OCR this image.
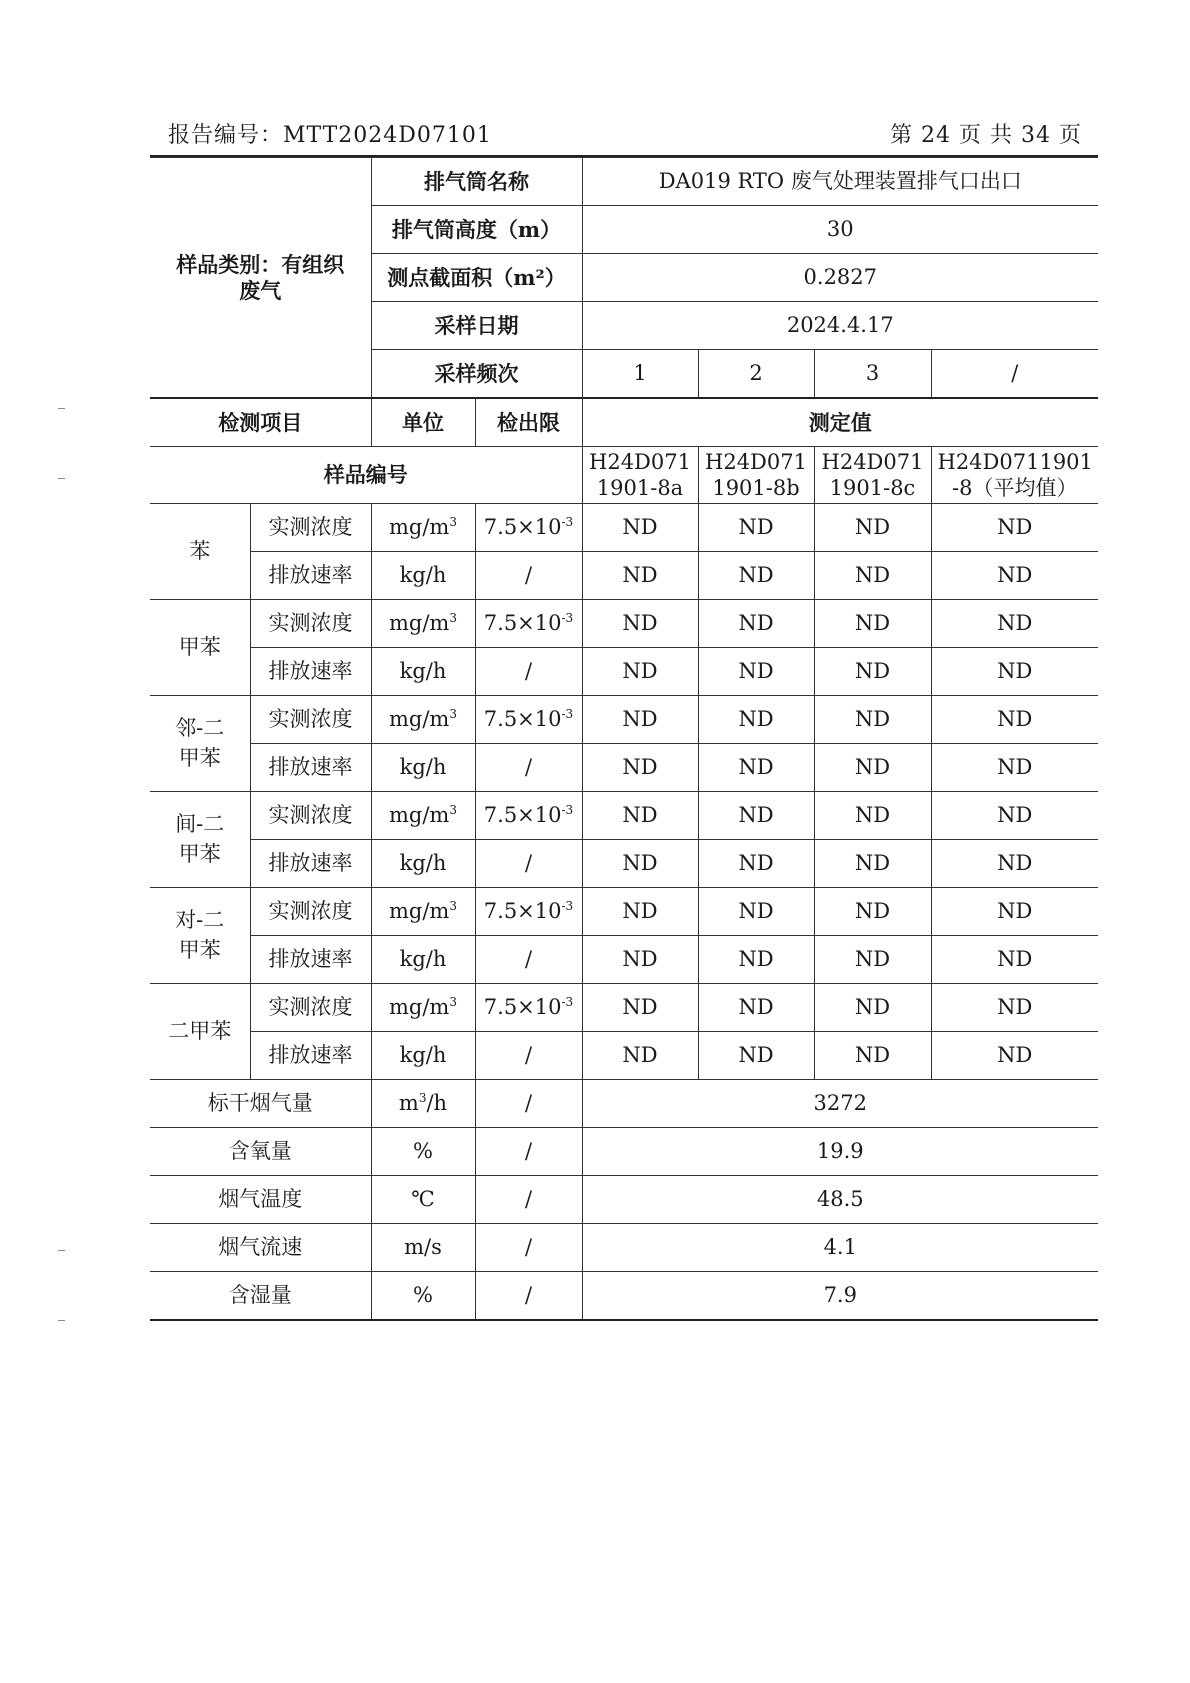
报告编号：MTT2024D07101	第 24 页 共 34 页
样品类别：有组织废气		排气筒名称		DA019 RTO 废气处理装置排气口出口			
		排气筒高度（m）		30			
		测点截面积（m²）		0.2827			
		采样日期		2024.4.17			
		采样频次		1	2	3	/
检测项目		单位	检出限	测定值			
样品编号				H24D071 1901-8a	H24D071 1901-8b	H24D071 1901-8c	H24D0711901 -8（平均值）
苯	实测浓度	$mg/m^3$	$7.5\times 10^{-3}$	ND	ND	ND	ND
	排放速率	kg/h	/	ND	ND	ND	ND
甲苯	实测浓度	$mg/m^3$	$7.5\times 10^{-3}$	ND	ND	ND	ND
	排放速率	kg/h	/	ND	ND	ND	ND
邻-二甲苯	实测浓度	$mg/m^3$	$7.5\times 10^{-3}$	ND	ND	ND	ND
	排放速率	kg/h	/	ND	ND	ND	ND
间-二甲苯	实测浓度	$mg/m^3$	$7.5\times 10^{-3}$	ND	ND	ND	ND
	排放速率	kg/h	/	ND	ND	ND	ND
对-二甲苯	实测浓度	$mg/m^3$	$7.5\times 10^{-3}$	ND	ND	ND	ND
	排放速率	kg/h	/	ND	ND	ND	ND
二甲苯	实测浓度	$mg/m^3$	$7.5\times 10^{-3}$	ND	ND	ND	ND
	排放速率	kg/h	/	ND	ND	ND	ND
标干烟气量		$m^3/h$	/	3272			
含氧量		%	/	19.9			
烟气温度		℃	/	48.5			
烟气流速		m/s	/	4.1			
含湿量		%	/	7.9			
